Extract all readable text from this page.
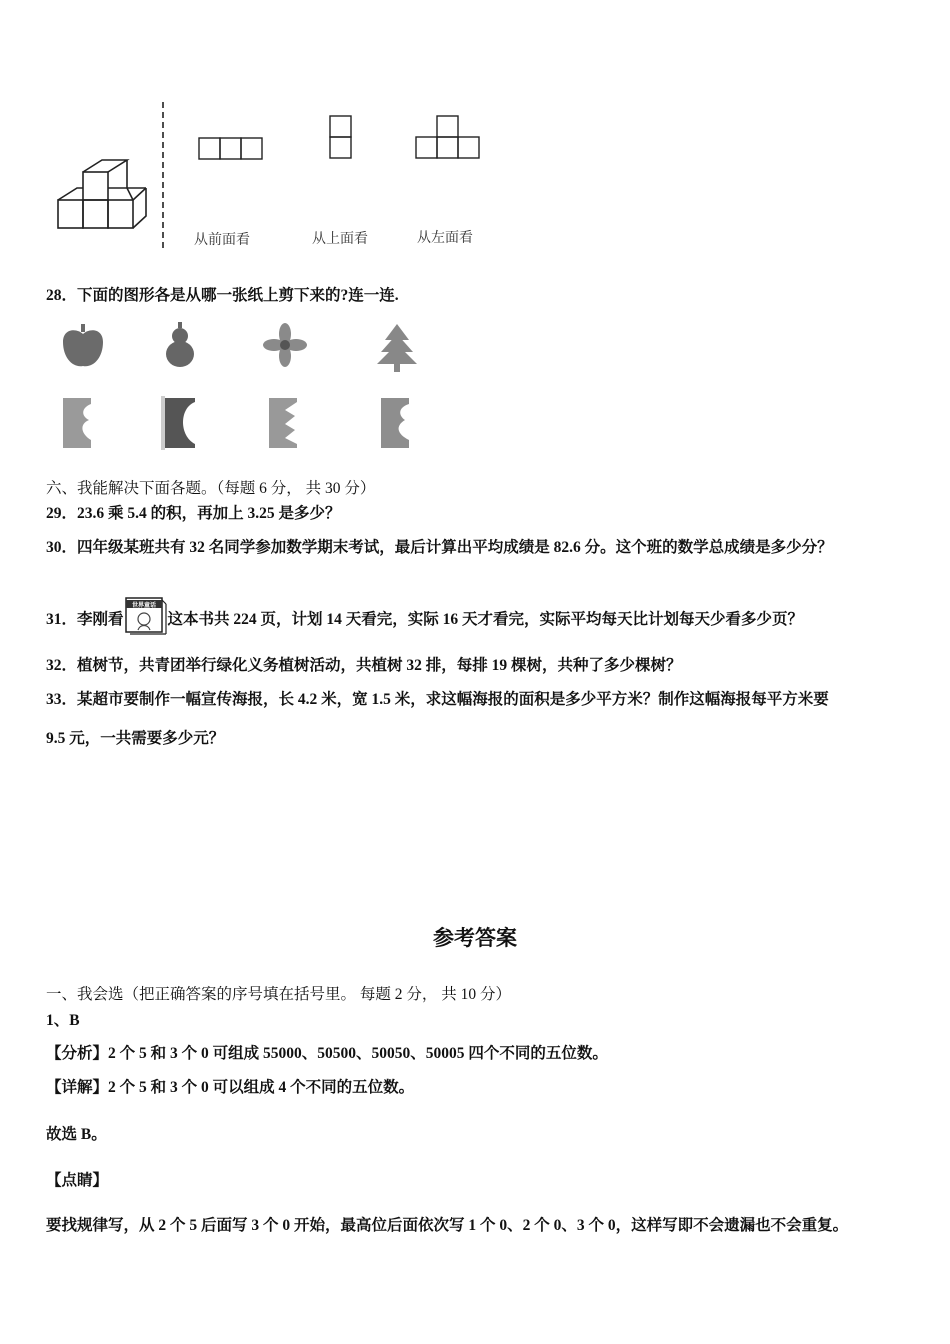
从前面看	从上面看	从左面看
28．下面的图形各是从哪一张纸上剪下来的?连一连.
六、我能解决下面各题。（每题 6 分， 共 30 分）
29．23.6 乘 5.4 的积，再加上 3.25 是多少？
30．四年级某班共有 32 名同学参加数学期末考试，最后计算出平均成绩是 82.6 分。这个班的数学总成绩是多少分？
31．李刚看
世界童话
这本书共 224 页，计划 14 天看完，实际 16 天才看完，实际平均每天比计划每天少看多少页？
32．植树节，共青团举行绿化义务植树活动，共植树 32 排，每排 19 棵树，共种了多少棵树？
33．某超市要制作一幅宣传海报，长 4.2 米，宽 1.5 米，求这幅海报的面积是多少平方米？制作这幅海报每平方米要
9.5 元，一共需要多少元？
参考答案
一、我会选（把正确答案的序号填在括号里。 每题 2 分， 共 10 分）
1、B
【分析】2 个 5 和 3 个 0 可组成 55000、50500、50050、50005 四个不同的五位数。
【详解】2 个 5 和 3 个 0 可以组成 4 个不同的五位数。
故选 B。
【点睛】
要找规律写，从 2 个 5 后面写 3 个 0 开始，最高位后面依次写 1 个 0、2 个 0、3 个 0，这样写即不会遗漏也不会重复。
